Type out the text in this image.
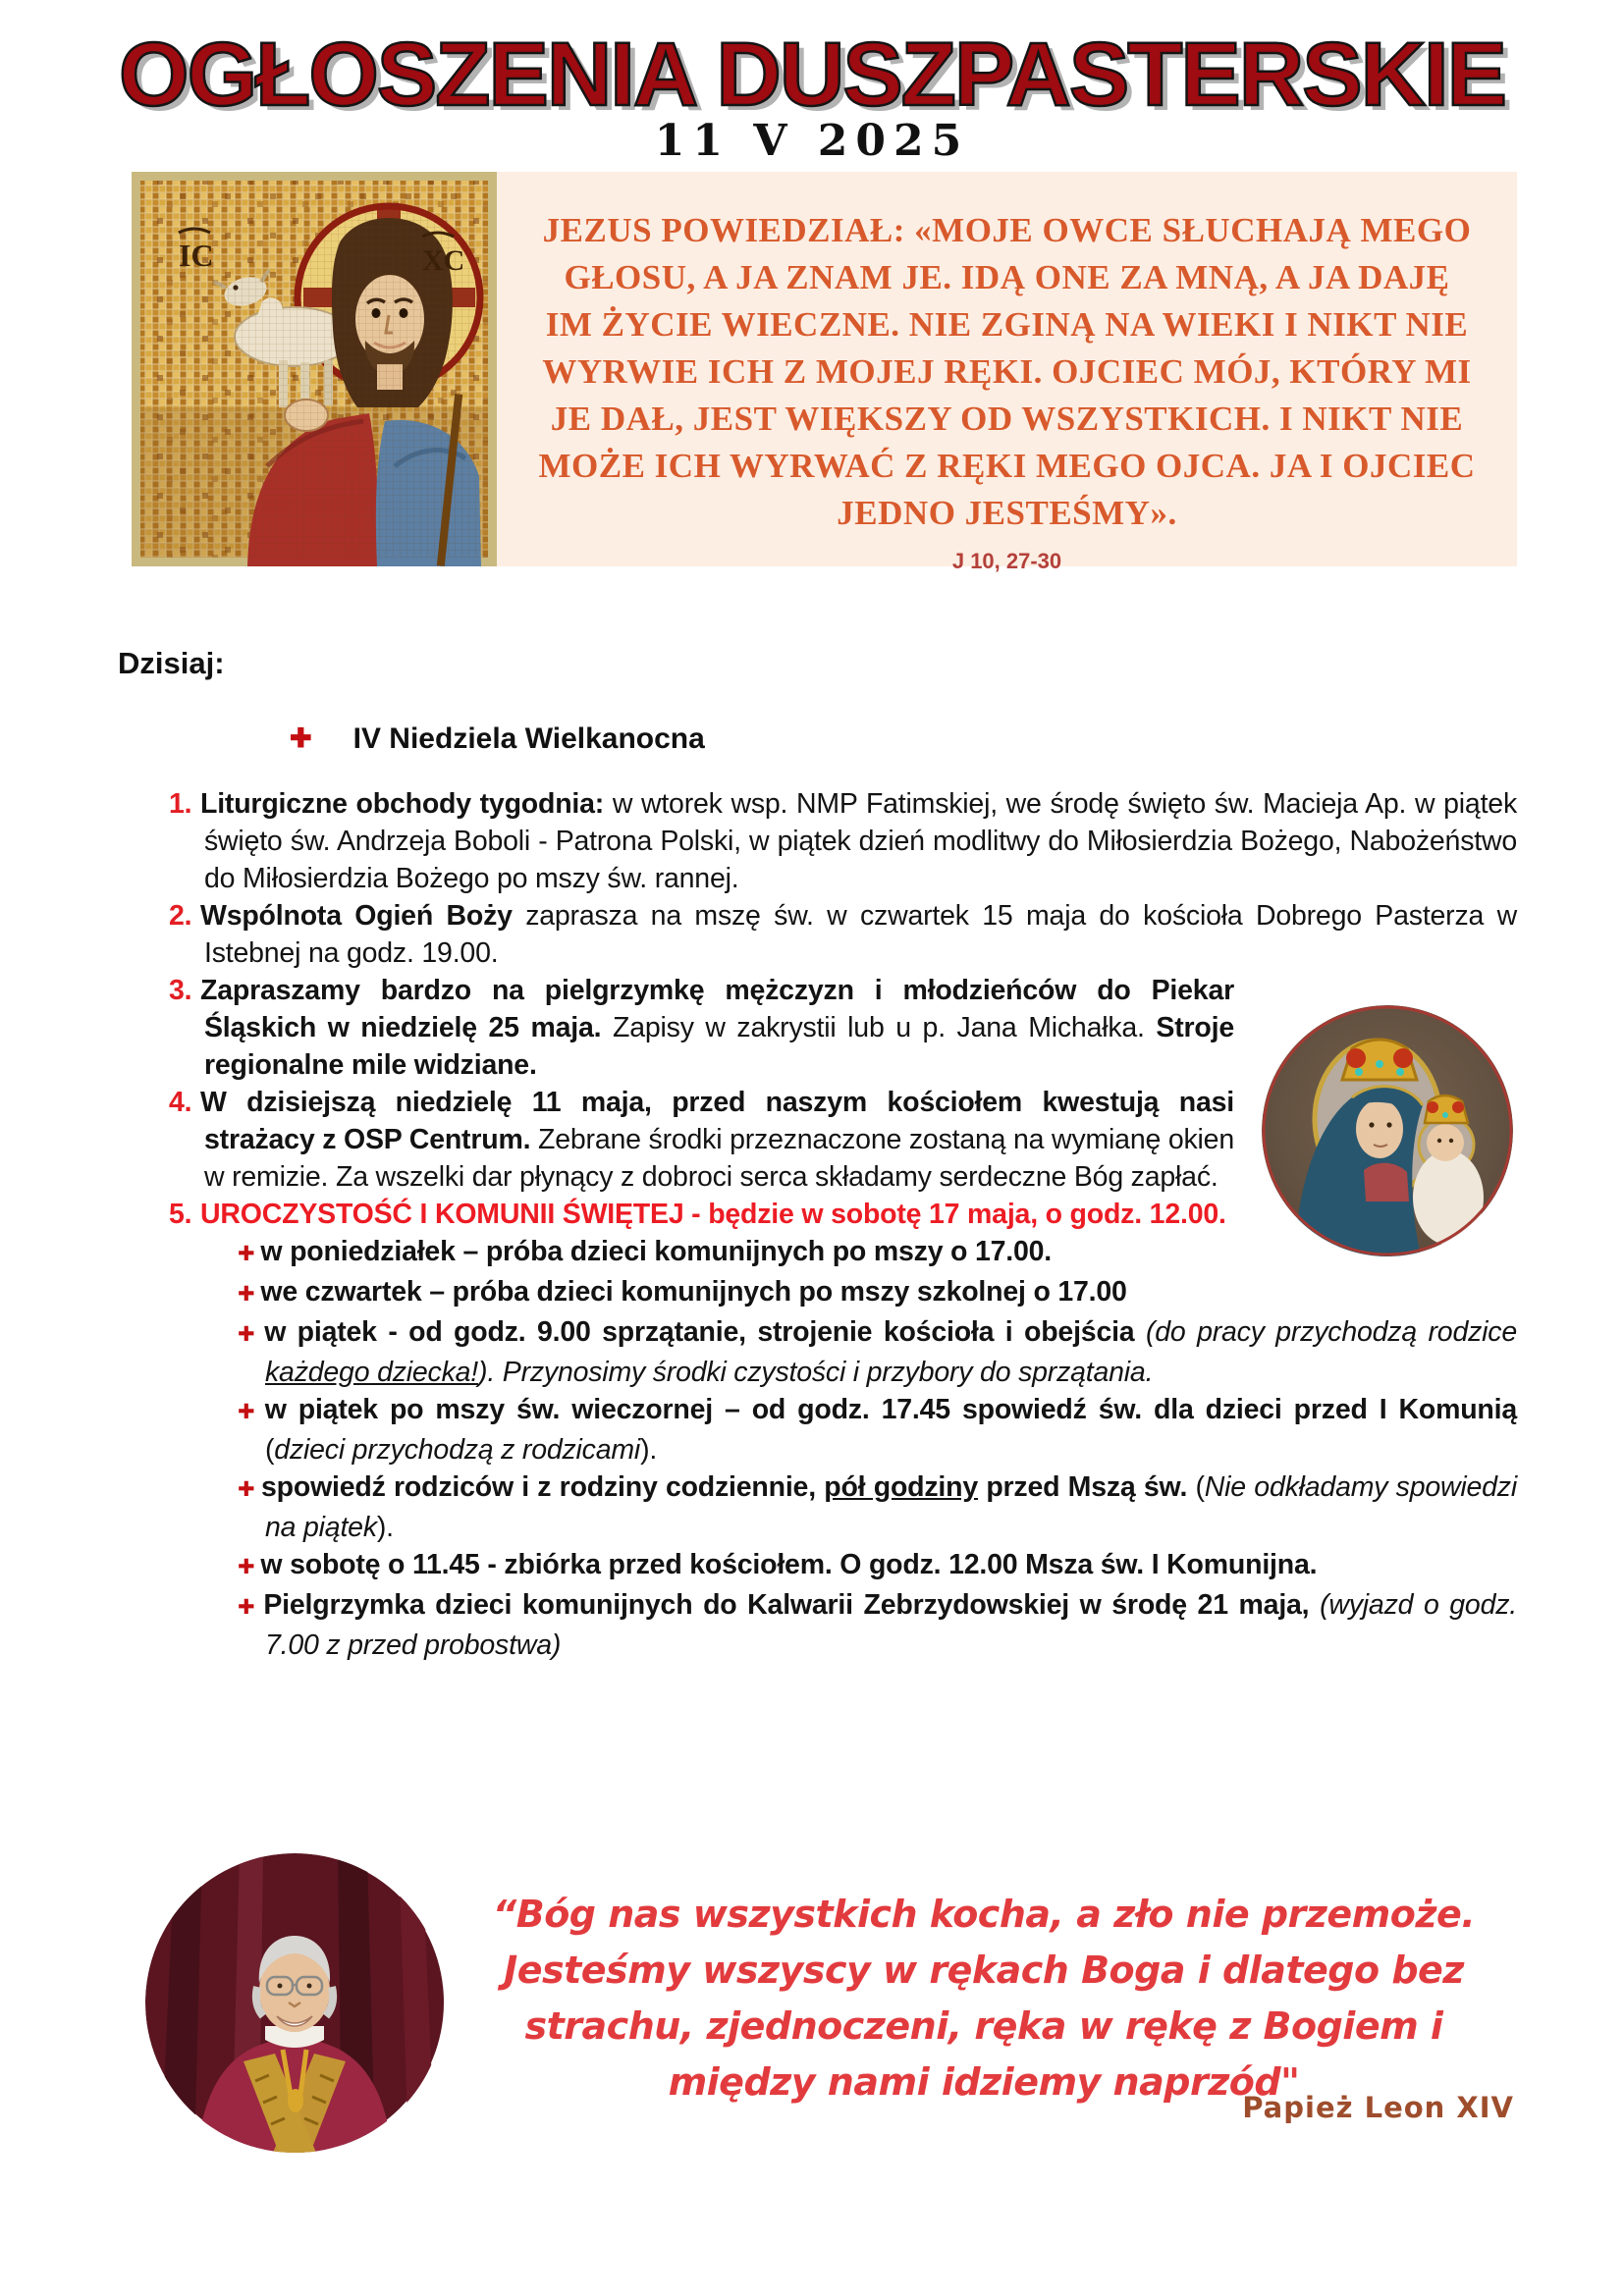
OGŁOSZENIA DUSZPASTERSKIE
11 V 2025
JEZUS POWIEDZIAŁ: «MOJE OWCE SŁUCHAJĄ MEGO GŁOSU, A JA ZNAM JE. IDĄ ONE ZA MNĄ, A JA DAJĘ IM ŻYCIE WIECZNE. NIE ZGINĄ NA WIEKI I NIKT NIE WYRWIE ICH Z MOJEJ RĘKI. OJCIEC MÓJ, KTÓRY MI JE DAŁ, JEST WIĘKSZY OD WSZYSTKICH. I NIKT NIE MOŻE ICH WYRWAĆ Z RĘKI MEGO OJCA. JA I OJCIEC JEDNO JESTEŚMY».
J 10, 27-30
Dzisiaj:
✚ IV Niedziela Wielkanocna
1. Liturgiczne obchody tygodnia: w wtorek wsp. NMP Fatimskiej, we środę święto św. Macieja Ap. w piątek święto św. Andrzeja Boboli - Patrona Polski, w piątek dzień modlitwy do Miłosierdzia Bożego, Nabożeństwo do Miłosierdzia Bożego po mszy św. rannej.
2. Wspólnota Ogień Boży zaprasza na mszę św. w czwartek 15 maja do kościoła Dobrego Pasterza w Istebnej na godz. 19.00.
3. Zapraszamy bardzo na pielgrzymkę mężczyzn i młodzieńców do Piekar Śląskich w niedzielę 25 maja. Zapisy w zakrystii lub u p. Jana Michałka. Stroje regionalne mile widziane.
4. W dzisiejszą niedzielę 11 maja, przed naszym kościołem kwestują nasi strażacy z OSP Centrum. Zebrane środki przeznaczone zostaną na wymianę okien w remizie. Za wszelki dar płynący z dobroci serca składamy serdeczne Bóg zapłać.
5. UROCZYSTOŚĆ I KOMUNII ŚWIĘTEJ - będzie w sobotę 17 maja, o godz. 12.00.
✚ w poniedziałek – próba dzieci komunijnych po mszy o 17.00.
✚ we czwartek – próba dzieci komunijnych po mszy szkolnej o 17.00
✚ w piątek - od godz. 9.00 sprzątanie, strojenie kościoła i obejścia (do pracy przychodzą rodzice każdego dziecka!). Przynosimy środki czystości i przybory do sprzątania.
✚ w piątek po mszy św. wieczornej – od godz. 17.45 spowiedź św. dla dzieci przed I Komunią (dzieci przychodzą z rodzicami).
✚ spowiedź rodziców i z rodziny codziennie, pół godziny przed Mszą św. (Nie odkładamy spowiedzi na piątek).
✚ w sobotę o 11.45 - zbiórka przed kościołem. O godz. 12.00 Msza św. I Komunijna.
✚ Pielgrzymka dzieci komunijnych do Kalwarii Zebrzydowskiej w środę 21 maja, (wyjazd o godz. 7.00 z przed probostwa)
“Bóg nas wszystkich kocha, a zło nie przemoże. Jesteśmy wszyscy w rękach Boga i dlatego bez strachu, zjednoczeni, ręka w rękę z Bogiem i między nami idziemy naprzód"
Papież Leon XIV
